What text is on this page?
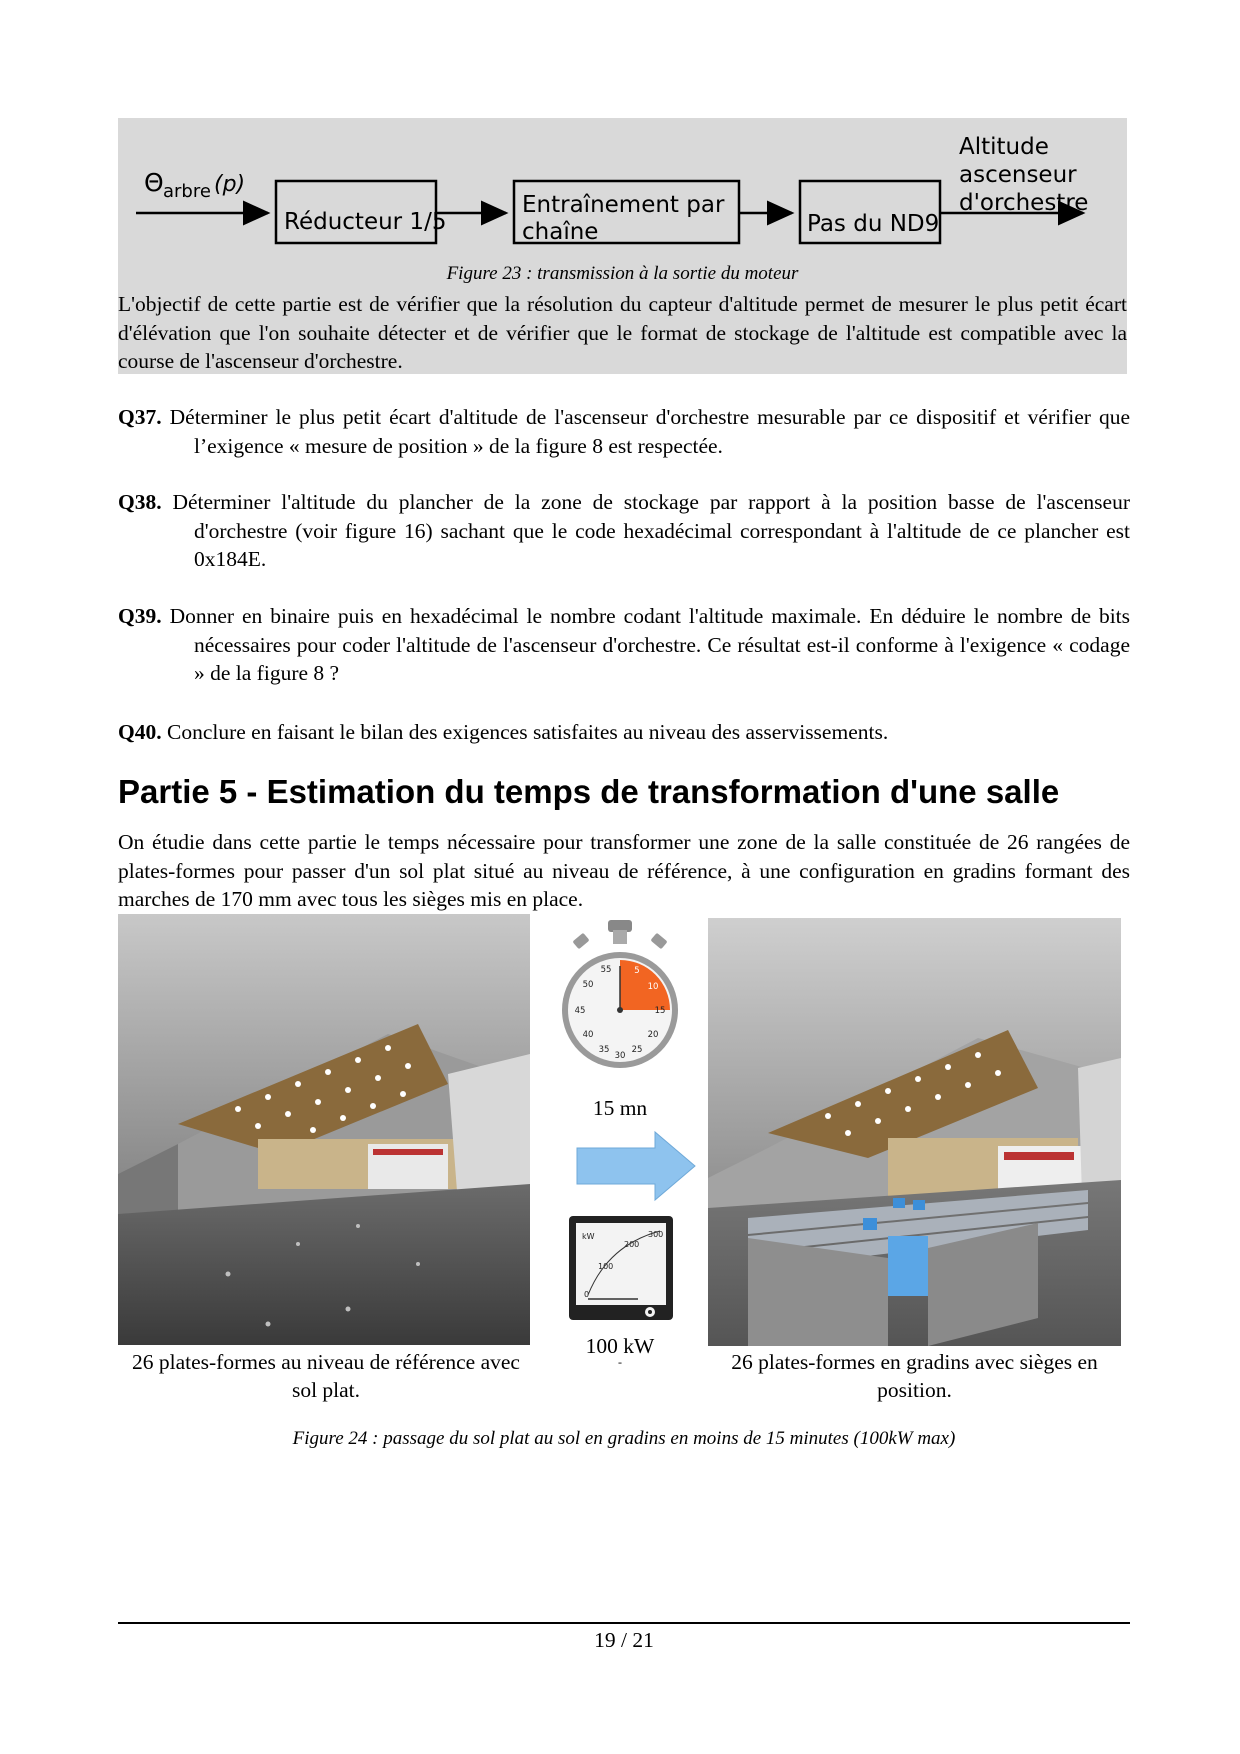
Θ arbre (p)
Réducteur 1/5
Entraînement par
chaîne	Pas du ND9
Altitude
ascenseur
d'orchestre
Figure 23 : transmission à la sortie du moteur
L'objectif de cette partie est de vérifier que la résolution du capteur d'altitude permet de mesurer le plus petit écart d'élévation que l'on souhaite détecter et de vérifier que le format de stockage de l'altitude est compatible avec la course de l'ascenseur d'orchestre.
Q37. Déterminer le plus petit écart d'altitude de l'ascenseur d'orchestre mesurable par ce dispositif et vérifier que l’exigence « mesure de position » de la figure 8 est respectée.
Q38. Déterminer l'altitude du plancher de la zone de stockage par rapport à la position basse de l'ascenseur d'orchestre (voir figure 16) sachant que le code hexadécimal correspondant à l'altitude de ce plancher est 0x184E.
Q39. Donner en binaire puis en hexadécimal le nombre codant l'altitude maximale. En déduire le nombre de bits nécessaires pour coder l'altitude de l'ascenseur d'orchestre. Ce résultat est-il conforme à l'exigence « codage » de la figure 8 ?
Q40. Conclure en faisant le bilan des exigences satisfaites au niveau des asservissements.
Partie 5 - Estimation du temps de transformation d'une salle
On étudie dans cette partie le temps nécessaire pour transformer une zone de la salle constituée de 26 rangées de plates-formes pour passer d'un sol plat situé au niveau de référence, à une configuration en gradins formant des marches de 170 mm avec tous les sièges mis en place.
55	5
50	10
45	15
40	20
35	25
30
15 mn
kW
200
300
100
0
100 kW
-
26 plates-formes au niveau de référence avec sol plat.
26 plates-formes en gradins avec sièges en position.
Figure 24 : passage du sol plat au sol en gradins en moins de 15 minutes (100kW max)
19 / 21
